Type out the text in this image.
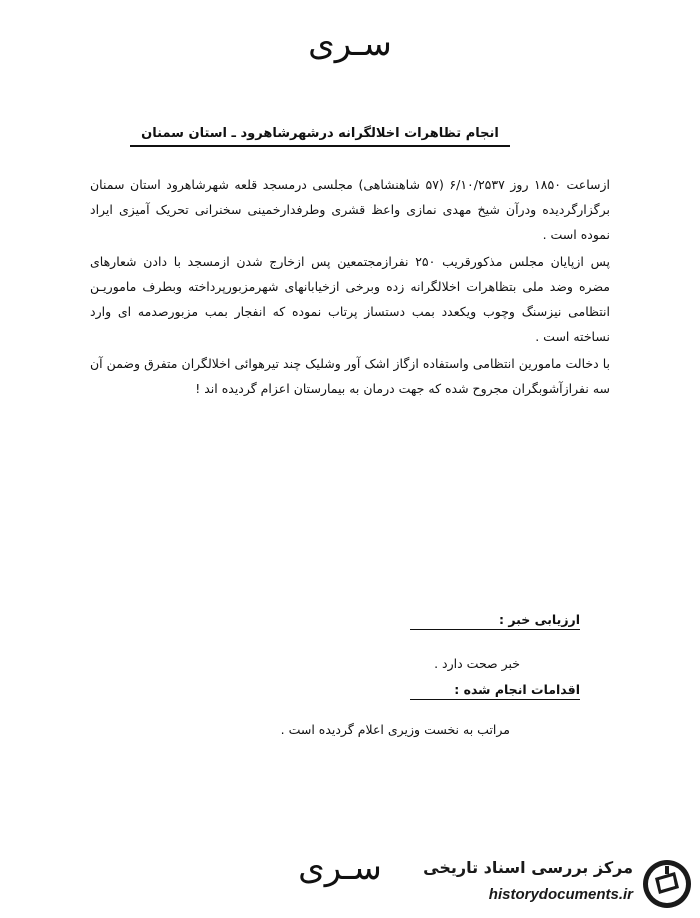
سـری
انجام تظاهرات اخلالگرانه درشهرشاهرود ـ استان سمنان

ازساعت ۱۸۵۰ روز ۶/۱۰/۲۵۳۷ (۵۷ شاهنشاهی) مجلسی درمسجد قلعه شهرشاهرود استان سمنان برگزارگردیده ودرآن شیخ مهدی نمازی واعظ قشری وطرفدارخمینی سخنرانی تحریک آمیزی ایراد نموده است .

پس ازپایان مجلس مذکورقریب ۲۵۰ نفرازمجتمعین پس ازخارج شدن ازمسجد با دادن شعارهای مضره وضد ملی بتظاهرات اخلالگرانه زده وبرخی ازخیابانهای شهرمزبورپرداخته وبطرف ماموریـن انتظامی نیزسنگ وچوب ویکعدد بمب دستساز پرتاب نموده که انفجار بمب مزبورصدمه ای وارد نساخته است .

با دخالت مامورین انتظامی واستفاده ازگاز اشک آور وشلیک چند تیرهوائی اخلالگران متفرق وضمن آن سه نفرازآشوبگران مجروح شده که جهت درمان به بیمارستان اعزام گردیده اند !

ارزیابی خبر :
خبر صحت دارد .
اقدامات انجام شده :
مراتب به نخست وزیری اعلام گردیده است .
سـری	مرکز بررسی اسناد تاریخی
historydocuments.ir
